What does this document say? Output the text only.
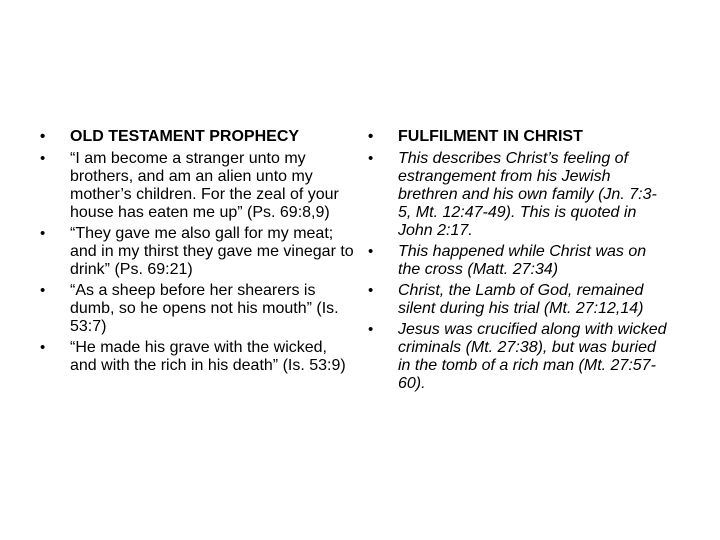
•	OLD TESTAMENT PROPHECY
•	“I am become a stranger unto my brothers, and am an alien unto my mother’s children. For the zeal of your house has eaten me up” (Ps. 69:8,9)
•	“They gave me also gall for my meat; and in my thirst they gave me vinegar to drink” (Ps. 69:21)
•	“As a sheep before her shearers is dumb, so he opens not his mouth” (Is. 53:7)
•	“He made his grave with the wicked, and with the rich in his death” (Is. 53:9)
•	FULFILMENT IN CHRIST
•	This describes Christ’s feeling of estrangement from his Jewish brethren and his own family (Jn. 7:3-5, Mt. 12:47-49). This is quoted in John 2:17.
•	This happened while Christ was on the cross (Matt. 27:34)
•	Christ, the Lamb of God, remained silent during his trial (Mt. 27:12,14)
•	Jesus was crucified along with wicked criminals (Mt. 27:38), but was buried in the tomb of a rich man (Mt. 27:57-60).
